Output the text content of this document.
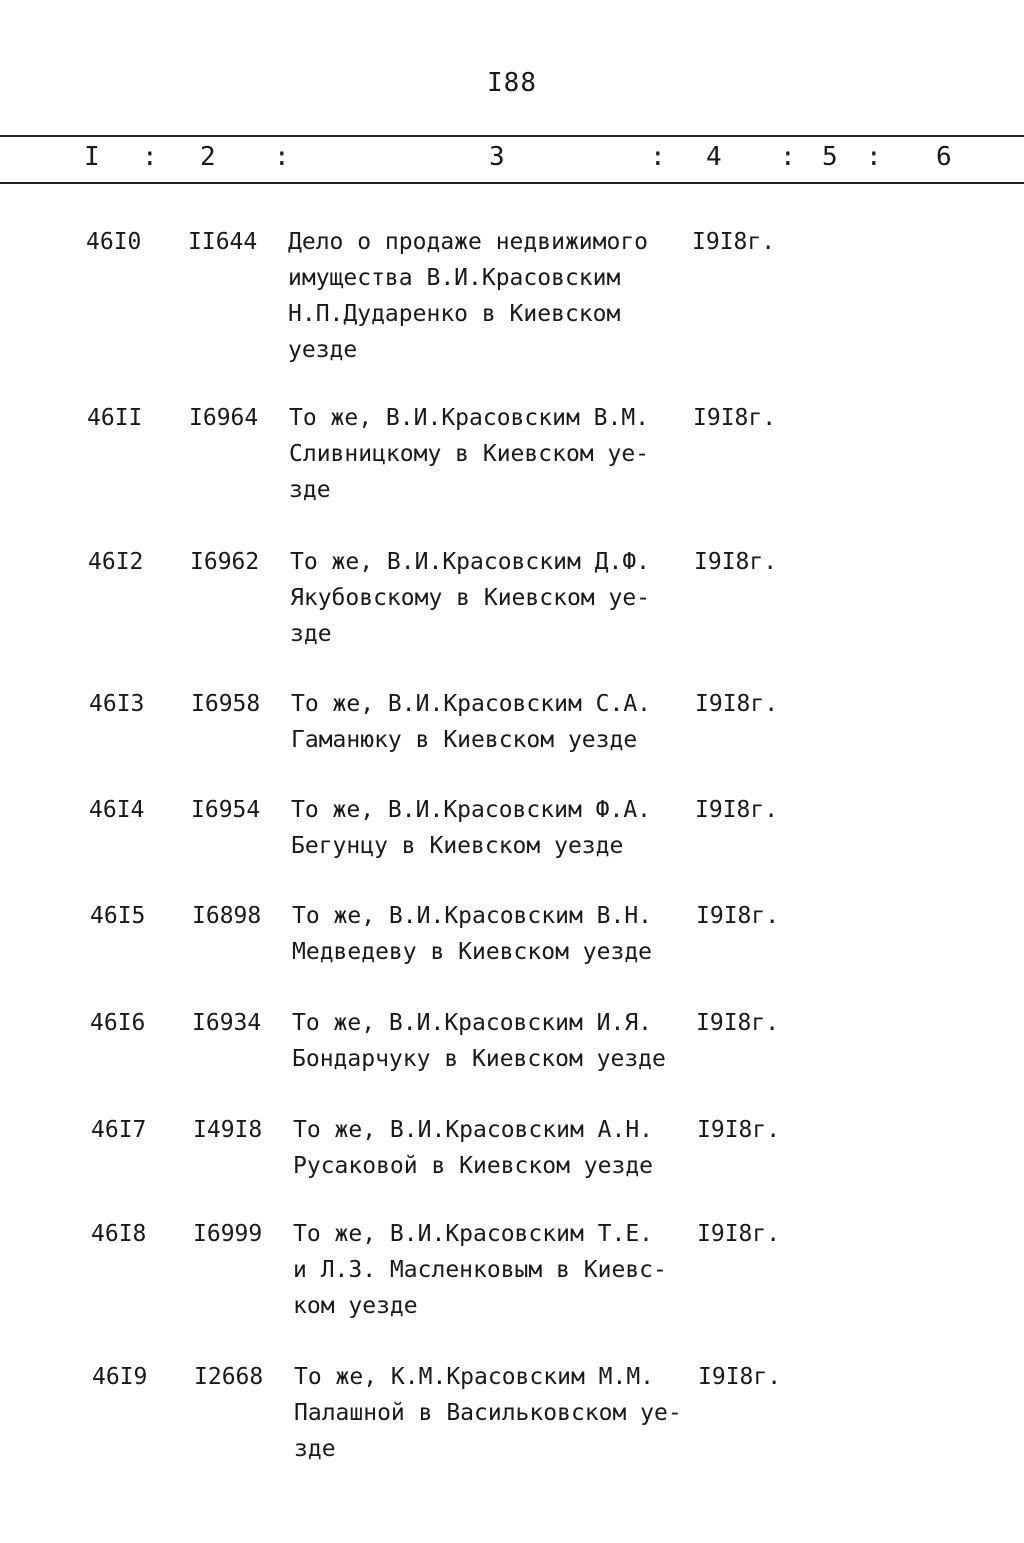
I88
I : 2 :	3	: 4 : 5 : 6
46I0 II644 Дело о продаже недвижимого
имущества В.И.Красовским
Н.П.Дударенко в Киевском
уезде
I9I8г.
46II I6964 То же, В.И.Красовским В.М.
Сливницкому в Киевском уе-
зде
I9I8г.
46I2 I6962 То же, В.И.Красовским Д.Ф.
Якубовскому в Киевском уе-
зде
I9I8г.
46I3 I6958 То же, В.И.Красовским С.А.
Гаманюку в Киевском уезде
I9I8г.
46I4 I6954 То же, В.И.Красовским Ф.А.
Бегунцу в Киевском уезде
I9I8г.
46I5 I6898 То же, В.И.Красовским В.Н.
Медведеву в Киевском уезде
I9I8г.
46I6 I6934 То же, В.И.Красовским И.Я.
Бондарчуку в Киевском уезде
I9I8г.
46I7 I49I8 То же, В.И.Красовским А.Н.
Русаковой в Киевском уезде
I9I8г.
46I8 I6999 То же, В.И.Красовским Т.Е.
и Л.З. Масленковым в Киевс-
ком уезде
I9I8г.
46I9 I2668 То же, К.М.Красовским М.М.
Палашной в Васильковском уе-
зде
I9I8г.
